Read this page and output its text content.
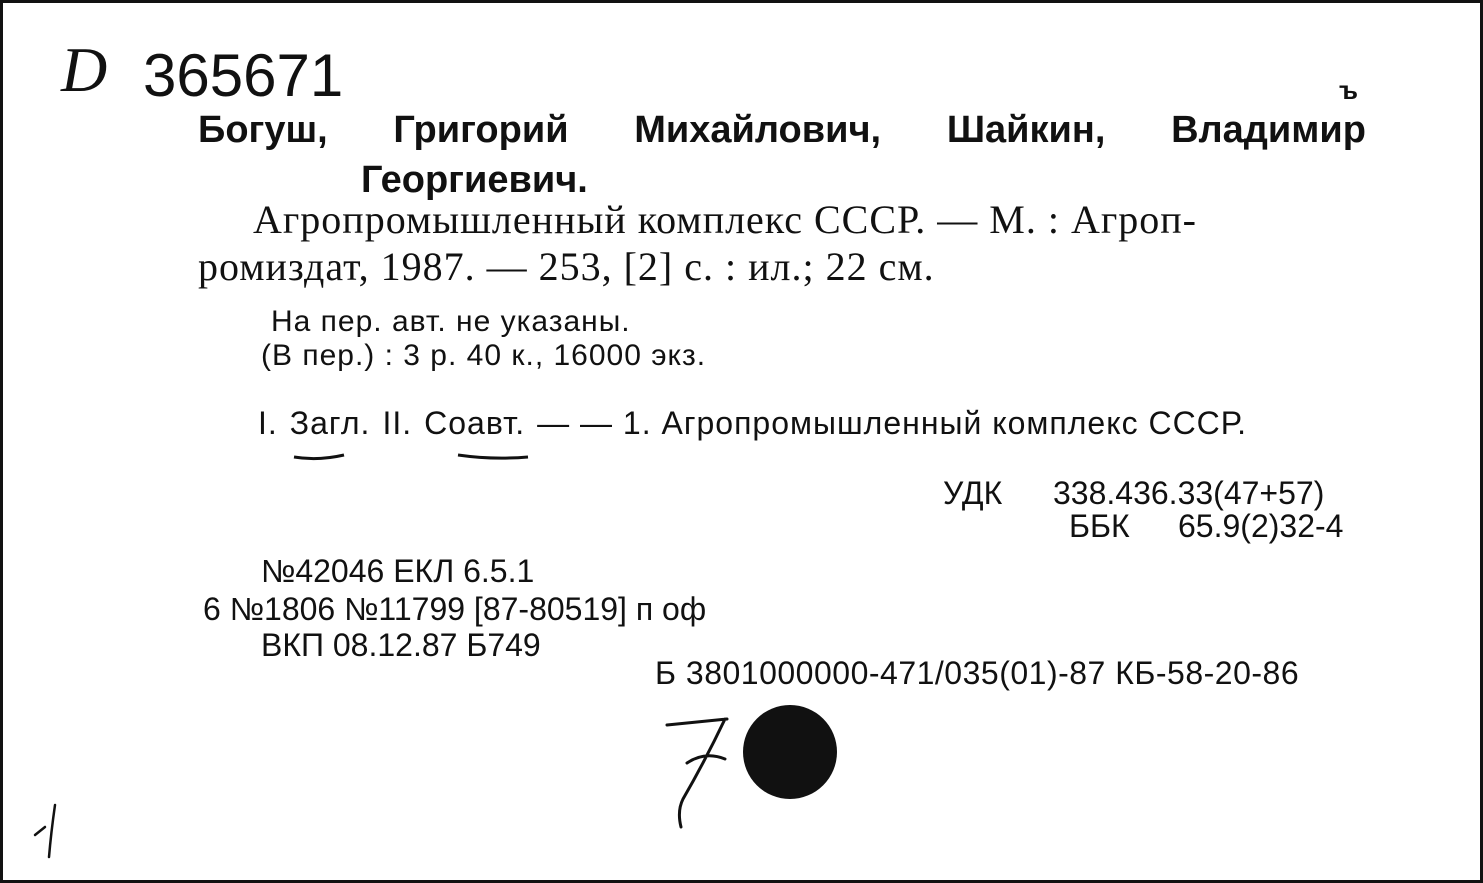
D 365671	ъ
Богуш, Григорий Михайлович, Шайкин, Владимир
Георгиевич.
Агропромышленный комплекс СССР. — М. : Агроп-
ромиздат, 1987. — 253, [2] с. : ил.; 22 см.
На пер. авт. не указаны.
(В пер.) : 3 р. 40 к., 16000 экз.
I. Загл. II. Соавт. — — 1. Агропромышленный комплекс СССР.
УДК 338.436.33(47+57)
ББК 65.9(2)32-4
№42046 ЕКЛ 6.5.1
6 №1806 №11799 [87-80519] п оф
ВКП 08.12.87 Б749
Б 3801000000-471/035(01)-87 КБ-58-20-86
